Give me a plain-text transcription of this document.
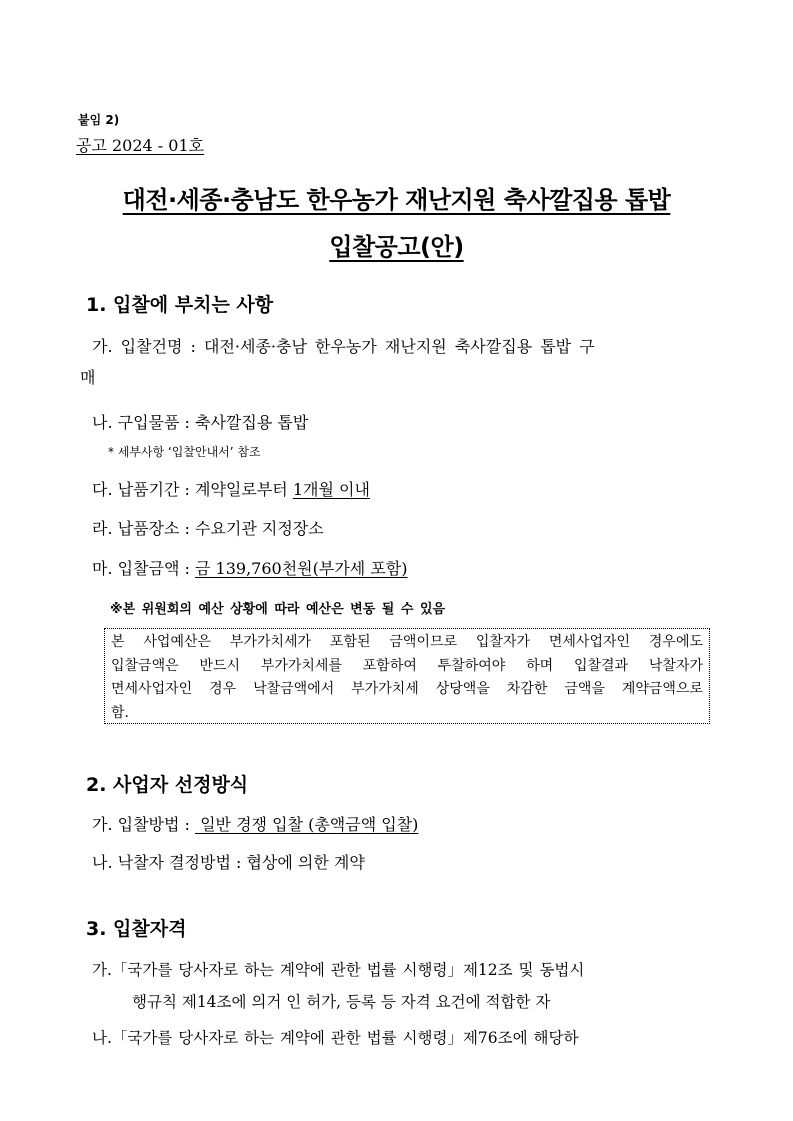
붙임 2)
공고 2024 - 01호
대전·세종·충남도 한우농가 재난지원 축사깔집용 톱밥
입찰공고(안)
1. 입찰에 부치는 사항
가. 입찰건명 : 대전·세종·충남 한우농가 재난지원 축사깔집용 톱밥 구
매
나. 구입물품 : 축사깔집용 톱밥
* 세부사항 ‘입찰안내서’ 참조
다. 납품기간 : 계약일로부터 1개월 이내
라. 납품장소 : 수요기관 지정장소
마. 입찰금액 : 금 139,760천원(부가세 포함)
※본 위원회의 예산 상황에 따라 예산은 변동 될 수 있음

본 사업예산은 부가가치세가 포함된 금액이므로 입찰자가 면세사업자인 경우에도

입찰금액은 반드시 부가가치세를 포함하여 투찰하여야 하며 입찰결과 낙찰자가

면세사업자인 경우 낙찰금액에서 부가가치세 상당액을 차감한 금액을 계약금액으로

함.

2. 사업자 선정방식
가. 입찰방법 :  일반 경쟁 입찰 (총액금액 입찰)
나. 낙찰자 결정방법 : 협상에 의한 계약
3. 입찰자격
가.「국가를 당사자로 하는 계약에 관한 법률 시행령」제12조 및 동법시
행규칙 제14조에 의거 인 허가, 등록 등 자격 요건에 적합한 자
나.「국가를 당사자로 하는 계약에 관한 법률 시행령」제76조에 해당하
